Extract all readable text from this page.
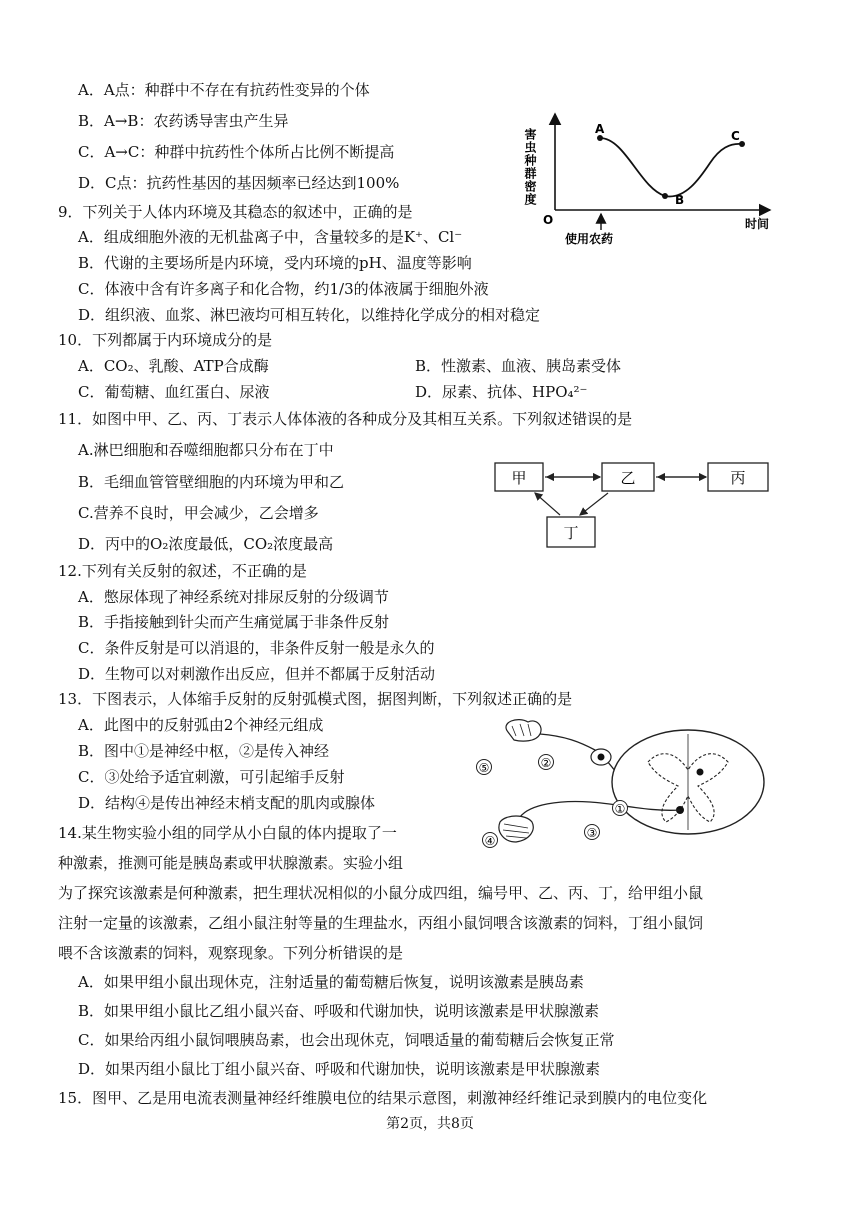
A．A点：种群中不存在有抗药性变异的个体
B．A→B：农药诱导害虫产生异
C．A→C：种群中抗药性个体所占比例不断提高
D．C点：抗药性基因的基因频率已经达到100%
9．下列关于人体内环境及其稳态的叙述中，正确的是
A．组成细胞外液的无机盐离子中，含量较多的是K⁺、Cl⁻
B．代谢的主要场所是内环境，受内环境的pH、温度等影响
C．体液中含有许多离子和化合物，约1/3的体液属于细胞外液
D．组织液、血浆、淋巴液均可相互转化，以维持化学成分的相对稳定
10．下列都属于内环境成分的是
A．CO₂、乳酸、ATP合成酶	B．性激素、血液、胰岛素受体
C．葡萄糖、血红蛋白、尿液	D．尿素、抗体、HPO₄²⁻
11．如图中甲、乙、丙、丁表示人体体液的各种成分及其相互关系。下列叙述错误的是
A.淋巴细胞和吞噬细胞都只分布在丁中
B．毛细血管管壁细胞的内环境为甲和乙
C.营养不良时，甲会减少，乙会增多
D．丙中的O₂浓度最低，CO₂浓度最高
12.下列有关反射的叙述，不正确的是
A．憋尿体现了神经系统对排尿反射的分级调节
B．手指接触到针尖而产生痛觉属于非条件反射
C．条件反射是可以消退的，非条件反射一般是永久的
D．生物可以对刺激作出反应，但并不都属于反射活动
13．下图表示，人体缩手反射的反射弧模式图，据图判断，下列叙述正确的是
A．此图中的反射弧由2个神经元组成
B．图中①是神经中枢，②是传入神经
C．③处给予适宜刺激，可引起缩手反射
D．结构④是传出神经末梢支配的肌肉或腺体
14.某生物实验小组的同学从小白鼠的体内提取了一
种激素，推测可能是胰岛素或甲状腺激素。实验小组
为了探究该激素是何种激素，把生理状况相似的小鼠分成四组，编号甲、乙、丙、丁，给甲组小鼠
注射一定量的该激素，乙组小鼠注射等量的生理盐水，丙组小鼠饲喂含该激素的饲料，丁组小鼠饲
喂不含该激素的饲料，观察现象。下列分析错误的是
A．如果甲组小鼠出现休克，注射适量的葡萄糖后恢复，说明该激素是胰岛素
B．如果甲组小鼠比乙组小鼠兴奋、呼吸和代谢加快，说明该激素是甲状腺激素
C．如果给丙组小鼠饲喂胰岛素，也会出现休克，饲喂适量的葡萄糖后会恢复正常
D．如果丙组小鼠比丁组小鼠兴奋、呼吸和代谢加快，说明该激素是甲状腺激素
15．图甲、乙是用电流表测量神经纤维膜电位的结果示意图，刺激神经纤维记录到膜内的电位变化
第2页，共8页
A
B
C
O	时间
使用农药
害虫种群密度
甲	乙	丙
丁
⑤	②
①
③
④
